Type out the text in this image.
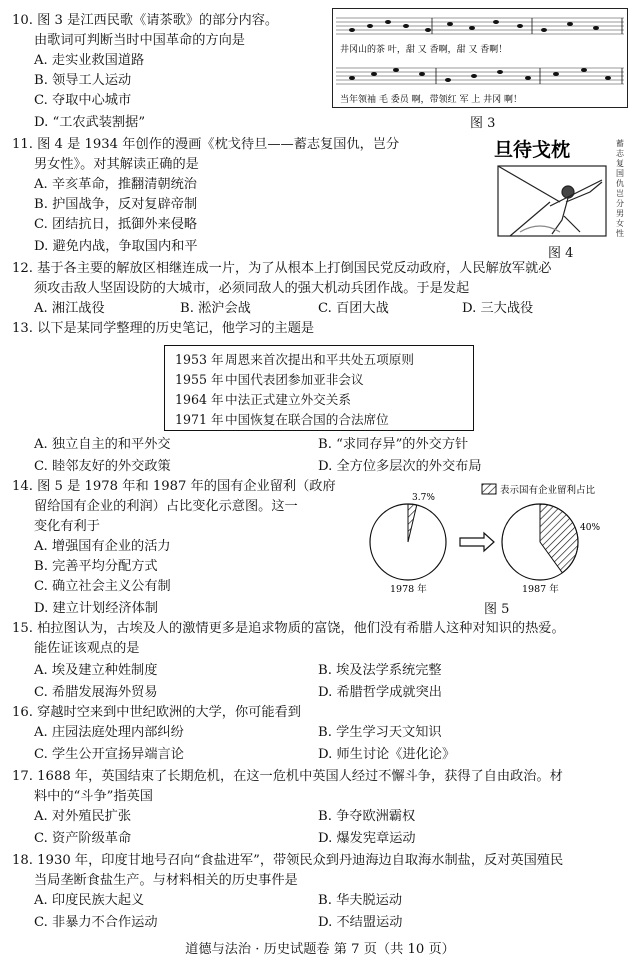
10. 图 3 是江西民歌《请茶歌》的部分内容。
由歌词可判断当时中国革命的方向是
A. 走实业救国道路
B. 领导工人运动
C. 夺取中心城市
D. “工农武装割据”
井冈山的茶 叶，甜 又 香啊，甜 又 香啊！
当年领袖 毛 委员 啊，带领红 军 上 井冈 啊！
图 3
11. 图 4 是 1934 年创作的漫画《枕戈待旦——蓄志复国仇，岂分
男女性》。对其解读正确的是
A. 辛亥革命，推翻清朝统治
B. 护国战争，反对复辟帝制
C. 团结抗日，抵御外来侵略
D. 避免内战，争取国内和平
旦待戈枕	蓄志复 国仇岂 分男女 性
图 4
12. 基于各主要的解放区相继连成一片，为了从根本上打倒国民党反动政府，人民解放军就必
须攻击敌人坚固设防的大城市，必须同敌人的强大机动兵团作战。于是发起
A. 湘江战役	B. 淞沪会战	C. 百团大战	D. 三大战役
13. 以下是某同学整理的历史笔记，他学习的主题是
1953 年周恩来首次提出和平共处五项原则
1955 年中国代表团参加亚非会议
1964 年中法正式建立外交关系
1971 年中国恢复在联合国的合法席位
A. 独立自主的和平外交	B. “求同存异”的外交方针
C. 睦邻友好的外交政策	D. 全方位多层次的外交布局
14. 图 5 是 1978 年和 1987 年的国有企业留利（政府
留给国有企业的利润）占比变化示意图。这一
变化有利于
A. 增强国有企业的活力
B. 完善平均分配方式
C. 确立社会主义公有制
D. 建立计划经济体制
表示国有企业留利占比
3.7%
1978 年
40%
1987 年
图 5
15. 柏拉图认为，古埃及人的激情更多是追求物质的富饶，他们没有希腊人这种对知识的热爱。
能佐证该观点的是
A. 埃及建立种姓制度	B. 埃及法学系统完整
C. 希腊发展海外贸易	D. 希腊哲学成就突出
16. 穿越时空来到中世纪欧洲的大学，你可能看到
A. 庄园法庭处理内部纠纷	B. 学生学习天文知识
C. 学生公开宣扬异端言论	D. 师生讨论《进化论》
17. 1688 年，英国结束了长期危机，在这一危机中英国人经过不懈斗争，获得了自由政治。材
料中的“斗争”指英国
A. 对外殖民扩张	B. 争夺欧洲霸权
C. 资产阶级革命	D. 爆发宪章运动
18. 1930 年，印度甘地号召向“食盐进军”，带领民众到丹迪海边自取海水制盐，反对英国殖民
当局垄断食盐生产。与材料相关的历史事件是
A. 印度民族大起义	B. 华夫脱运动
C. 非暴力不合作运动	D. 不结盟运动
道德与法治 · 历史试题卷 第 7 页（共 10 页）
